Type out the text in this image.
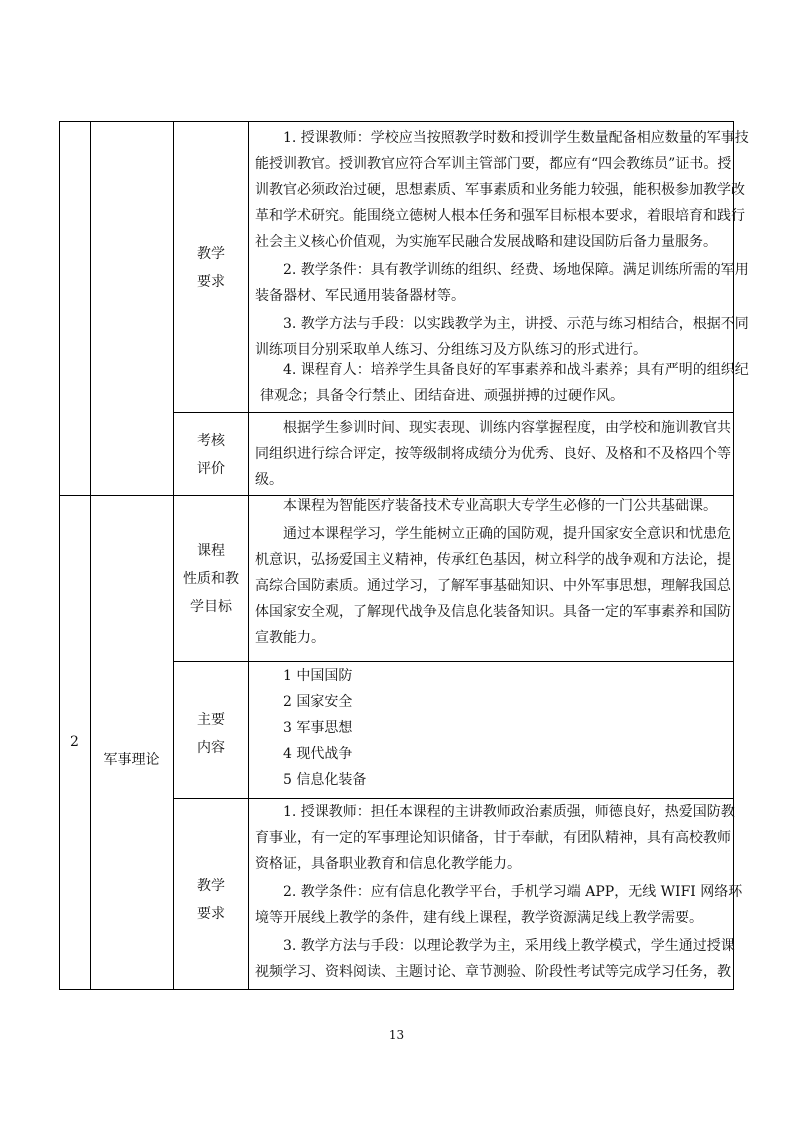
教学
要求
1. 授课教师：学校应当按照教学时数和授训学生数量配备相应数量的军事技
能授训教官。授训教官应符合军训主管部门要，都应有“四会教练员”证书。授
训教官必须政治过硬，思想素质、军事素质和业务能力较强，能积极参加教学改
革和学术研究。能围绕立德树人根本任务和强军目标根本要求，着眼培育和践行
社会主义核心价值观，为实施军民融合发展战略和建设国防后备力量服务。
2. 教学条件：具有教学训练的组织、经费、场地保障。满足训练所需的军用
装备器材、军民通用装备器材等。
3. 教学方法与手段：以实践教学为主，讲授、示范与练习相结合，根据不同
训练项目分别采取单人练习、分组练习及方队练习的形式进行。
4. 课程育人：培养学生具备良好的军事素养和战斗素养；具有严明的组织纪
律观念；具备令行禁止、团结奋进、顽强拼搏的过硬作风。
考核
评价
根据学生参训时间、现实表现、训练内容掌握程度，由学校和施训教官共
同组织进行综合评定，按等级制将成绩分为优秀、良好、及格和不及格四个等
级。
2
军事理论
课程
性质和教
学目标
本课程为智能医疗装备技术专业高职大专学生必修的一门公共基础课。
通过本课程学习，学生能树立正确的国防观，提升国家安全意识和忧患危
机意识，弘扬爱国主义精神，传承红色基因，树立科学的战争观和方法论，提
高综合国防素质。通过学习，了解军事基础知识、中外军事思想，理解我国总
体国家安全观，了解现代战争及信息化装备知识。具备一定的军事素养和国防
宣教能力。
主要
内容
1 中国国防
2 国家安全
3 军事思想
4 现代战争
5 信息化装备
教学
要求
1. 授课教师：担任本课程的主讲教师政治素质强，师德良好，热爱国防教
育事业，有一定的军事理论知识储备，甘于奉献，有团队精神，具有高校教师
资格证，具备职业教育和信息化教学能力。
2. 教学条件：应有信息化教学平台，手机学习端 APP，无线 WIFI 网络环
境等开展线上教学的条件，建有线上课程，教学资源满足线上教学需要。
3. 教学方法与手段：以理论教学为主，采用线上教学模式，学生通过授课
视频学习、资料阅读、主题讨论、章节测验、阶段性考试等完成学习任务，教
13
